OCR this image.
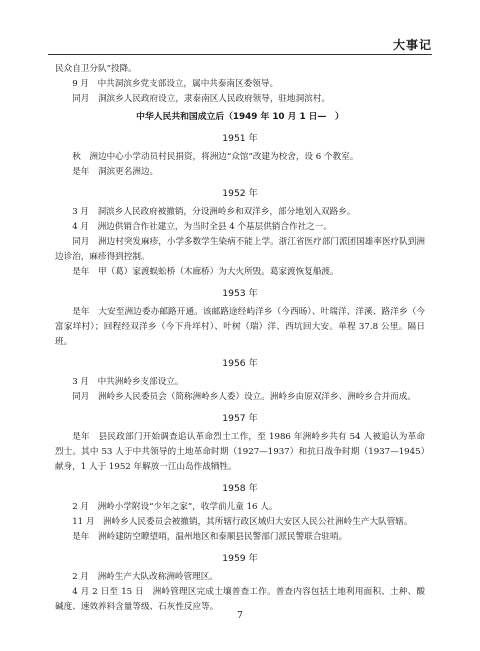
大事记
民众自卫分队”投降。
9 月　中共洞滨乡党支部设立，属中共泰南区委领导。
同月　洞滨乡人民政府设立，隶泰南区人民政府领导，驻地洞滨村。
中华人民共和国成立后（1949 年 10 月 1 日—　）
1951 年
秋　洲边中心小学动员村民捐资，将洲边“众馆”改建为校舍，设 6 个教室。
是年　洞滨更名洲边。
1952 年
3 月　洞滨乡人民政府被撤销，分设洲岭乡和双洋乡，部分地划入双路乡。
4 月　洲边供销合作社建立，为当时全县 4 个基层供销合作社之一。
同月　洲边村突发麻疹，小学多数学生染病不能上学。浙江省医疗部门派团国雄率医疗队到洲边诊治，麻疹得到控制。
是年　甲（葛）家渡蜈蚣桥（木廊桥）为大火所毁。葛家渡恢复船渡。
1953 年
是年　大安至洲边委办邮路开通。该邮路途经屿洋乡（今西旸）、叶瑞洋、洋溪、路洋乡（今富家垟村）；回程经双洋乡（今下舟垟村）、叶树（瑞）洋、西坑回大安。单程 37.8 公里。隔日班。
1956 年
3 月　中共洲岭乡支部设立。
同月　洲岭乡人民委员会（简称洲岭乡人委）设立。洲岭乡由原双洋乡、洲岭乡合并而成。
1957 年
是年　县民政部门开始调查追认革命烈士工作，至 1986 年洲岭乡共有 54 人被追认为革命烈士。其中 53 人于中共领导的土地革命时期（1927—1937）和抗日战争时期（1937—1945）献身，1 人于 1952 年解放一江山岛作战牺牲。
1958 年
2 月　洲岭小学附设“少年之家”，收学前儿童 16 人。
11 月　洲岭乡人民委员会被撤销，其所辖行政区域归大安区人民公社洲岭生产大队管辖。
是年　洲岭建防空瞭望哨，温州地区和泰顺县民警部门派民警联合驻哨。
1959 年
2 月　洲岭生产大队改称洲岭管理区。
4 月 2 日至 15 日　洲岭管理区完成土壤普查工作。普查内容包括土地利用面积、土种、酸碱度、速效养料含量等级、石灰性反应等。
7
